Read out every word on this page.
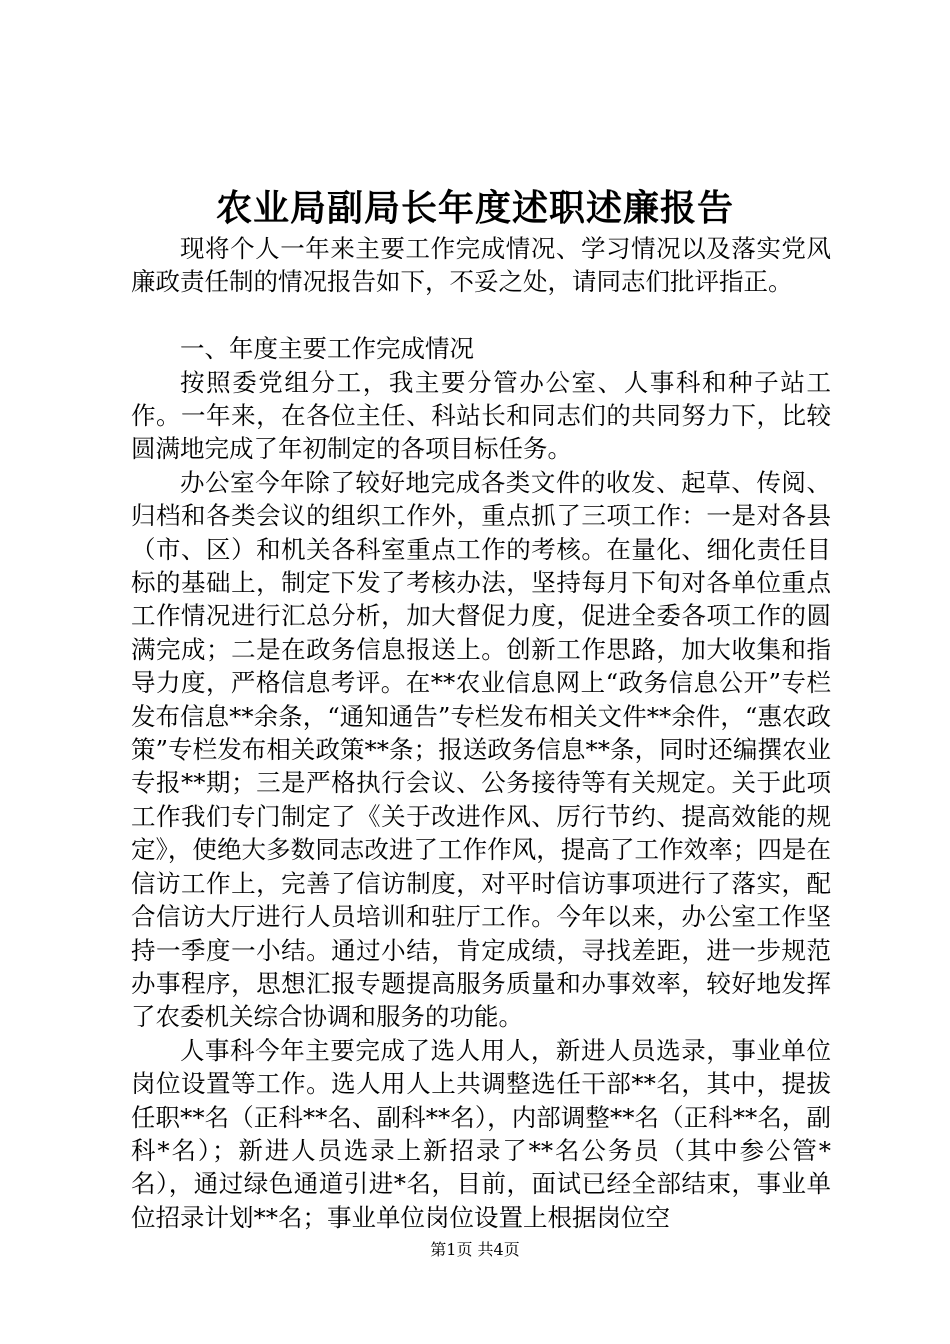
农业局副局长年度述职述廉报告

现将个人一年来主要工作完成情况、学习情况以及落实党风廉政责任制的情况报告如下，不妥之处，请同志们批评指正。

一、年度主要工作完成情况

按照委党组分工，我主要分管办公室、人事科和种子站工作。一年来，在各位主任、科站长和同志们的共同努力下，比较圆满地完成了年初制定的各项目标任务。

办公室今年除了较好地完成各类文件的收发、起草、传阅、归档和各类会议的组织工作外，重点抓了三项工作：一是对各县（市、区）和机关各科室重点工作的考核。在量化、细化责任目标的基础上，制定下发了考核办法，坚持每月下旬对各单位重点工作情况进行汇总分析，加大督促力度，促进全委各项工作的圆满完成；二是在政务信息报送上。创新工作思路，加大收集和指导力度，严格信息考评。在**农业信息网上“政务信息公开”专栏发布信息**余条，“通知通告”专栏发布相关文件**余件，“惠农政策”专栏发布相关政策**条；报送政务信息**条，同时还编撰农业专报**期；三是严格执行会议、公务接待等有关规定。关于此项工作我们专门制定了《关于改进作风、厉行节约、提高效能的规定》，使绝大多数同志改进了工作作风，提高了工作效率；四是在信访工作上，完善了信访制度，对平时信访事项进行了落实，配合信访大厅进行人员培训和驻厅工作。今年以来，办公室工作坚持一季度一小结。通过小结，肯定成绩，寻找差距，进一步规范办事程序，思想汇报专题提高服务质量和办事效率，较好地发挥了农委机关综合协调和服务的功能。

人事科今年主要完成了选人用人，新进人员选录，事业单位岗位设置等工作。选人用人上共调整选任干部**名，其中，提拔任职**名（正科**名、副科**名），内部调整**名（正科**名，副科*名）；新进人员选录上新招录了**名公务员（其中参公管*名），通过绿色通道引进*名，目前，面试已经全部结束，事业单位招录计划**名；事业单位岗位设置上根据岗位空

第1页 共4页
